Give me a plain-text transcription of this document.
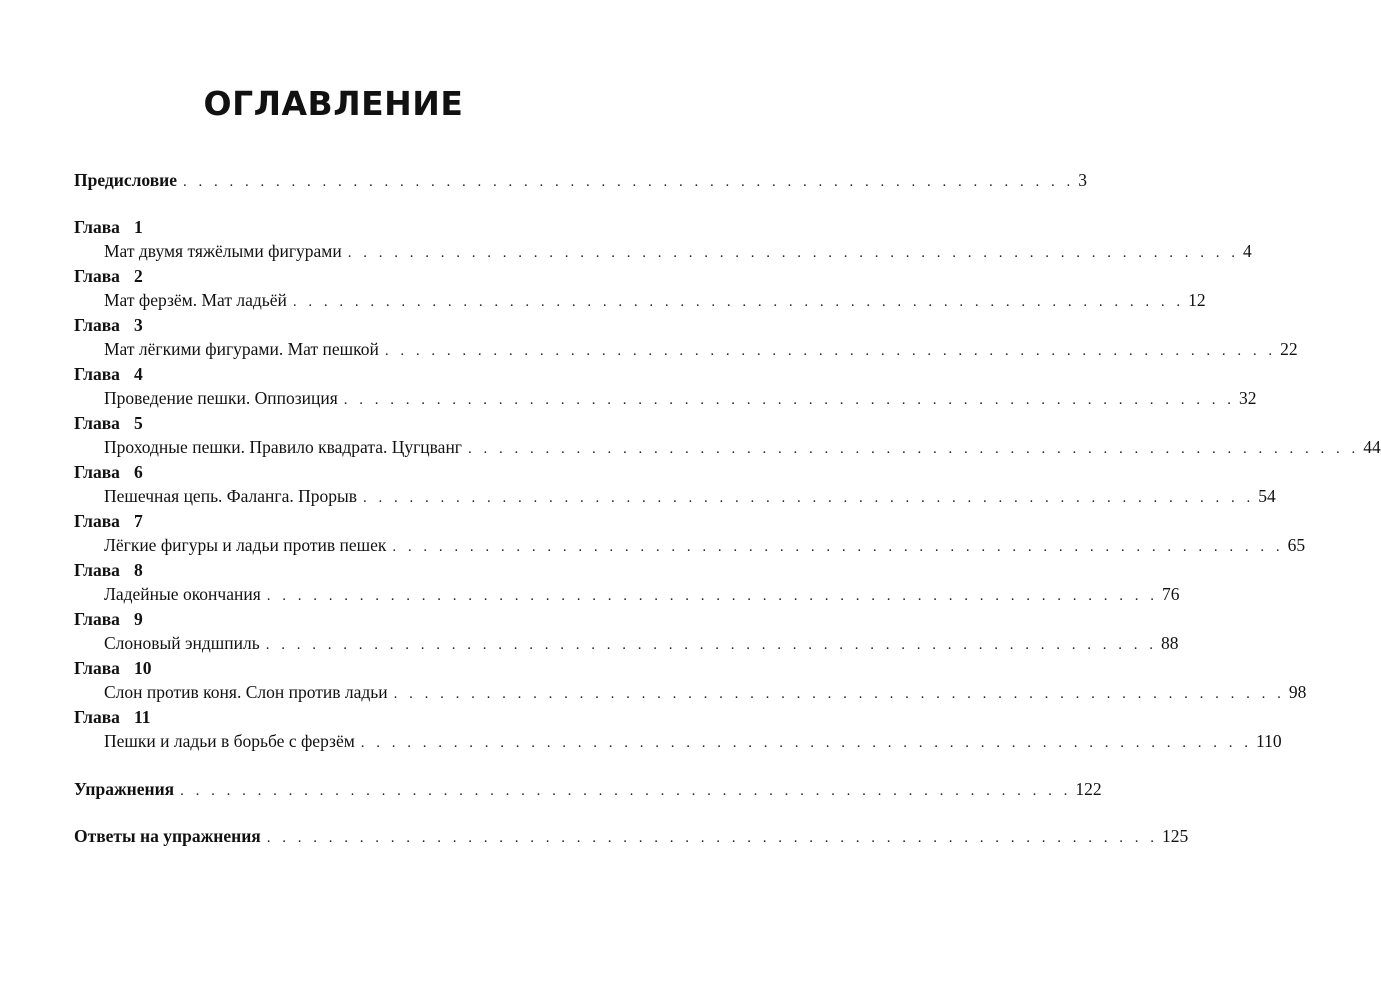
ОГЛАВЛЕНИЕ
Предисловие . . . . . . . . . . . . . . . . . . . . . . . . . . . . . . . . . . . . . . . . . . . . . . . . . . . . . . . . . . 3
Глава 1
Мат двумя тяжёлыми фигурами . . . . . . . . . . . . . . . . . . . . . . . . . . . . . . . . . . . . . . . . . . . . . . . . . . . . . . . . . . 4
Глава 2
Мат ферзём. Мат ладьёй . . . . . . . . . . . . . . . . . . . . . . . . . . . . . . . . . . . . . . . . . . . . . . . . . . . . . . . . . . 12
Глава 3
Мат лёгкими фигурами. Мат пешкой . . . . . . . . . . . . . . . . . . . . . . . . . . . . . . . . . . . . . . . . . . . . . . . . . . . . . . . . . . 22
Глава 4
Проведение пешки. Оппозиция . . . . . . . . . . . . . . . . . . . . . . . . . . . . . . . . . . . . . . . . . . . . . . . . . . . . . . . . . . 32
Глава 5
Проходные пешки. Правило квадрата. Цугцванг . . . . . . . . . . . . . . . . . . . . . . . . . . . . . . . . . . . . . . . . . . . . . . . . . . . . . . . . . . 44
Глава 6
Пешечная цепь. Фаланга. Прорыв . . . . . . . . . . . . . . . . . . . . . . . . . . . . . . . . . . . . . . . . . . . . . . . . . . . . . . . . . . 54
Глава 7
Лёгкие фигуры и ладьи против пешек . . . . . . . . . . . . . . . . . . . . . . . . . . . . . . . . . . . . . . . . . . . . . . . . . . . . . . . . . . 65
Глава 8
Ладейные окончания . . . . . . . . . . . . . . . . . . . . . . . . . . . . . . . . . . . . . . . . . . . . . . . . . . . . . . . . . . 76
Глава 9
Слоновый эндшпиль . . . . . . . . . . . . . . . . . . . . . . . . . . . . . . . . . . . . . . . . . . . . . . . . . . . . . . . . . . 88
Глава 10
Слон против коня. Слон против ладьи . . . . . . . . . . . . . . . . . . . . . . . . . . . . . . . . . . . . . . . . . . . . . . . . . . . . . . . . . . 98
Глава 11
Пешки и ладьи в борьбе с ферзём . . . . . . . . . . . . . . . . . . . . . . . . . . . . . . . . . . . . . . . . . . . . . . . . . . . . . . . . . . 110
Упражнения . . . . . . . . . . . . . . . . . . . . . . . . . . . . . . . . . . . . . . . . . . . . . . . . . . . . . . . . . . 122
Ответы на упражнения . . . . . . . . . . . . . . . . . . . . . . . . . . . . . . . . . . . . . . . . . . . . . . . . . . . . . . . . . . 125
